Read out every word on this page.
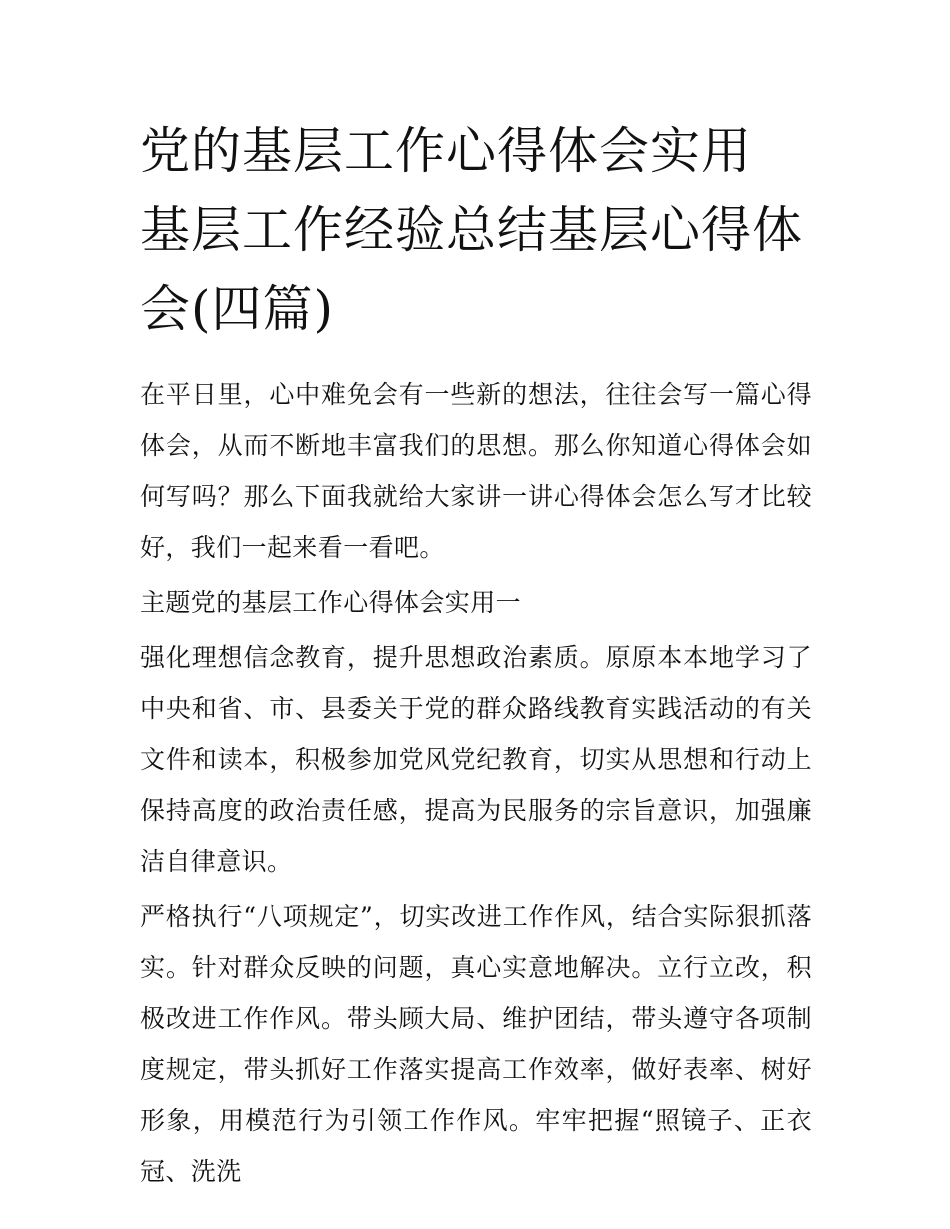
党的基层工作心得体会实用 基层工作经验总结基层心得体会(四篇)

在平日里，心中难免会有一些新的想法，往往会写一篇心得体会，从而不断地丰富我们的思想。那么你知道心得体会如何写吗？那么下面我就给大家讲一讲心得体会怎么写才比较好，我们一起来看一看吧。

主题党的基层工作心得体会实用一

强化理想信念教育，提升思想政治素质。原原本本地学习了中央和省、市、县委关于党的群众路线教育实践活动的有关文件和读本，积极参加党风党纪教育，切实从思想和行动上保持高度的政治责任感，提高为民服务的宗旨意识，加强廉洁自律意识。

严格执行“八项规定”，切实改进工作作风，结合实际狠抓落实。针对群众反映的问题，真心实意地解决。立行立改，积极改进工作作风。带头顾大局、维护团结，带头遵守各项制度规定，带头抓好工作落实提高工作效率，做好表率、树好形象，用模范行为引领工作作风。牢牢把握“照镜子、正衣冠、洗洗
